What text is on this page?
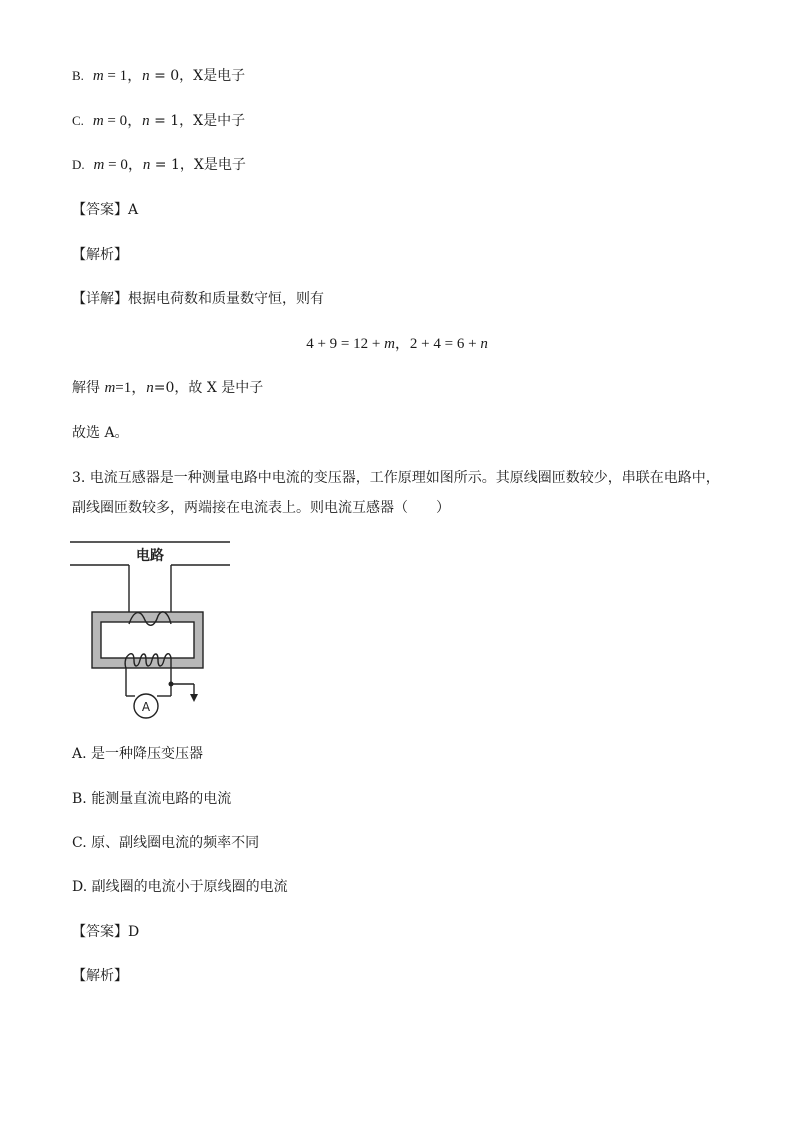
B. m = 1，n = 0，X是电子
C. m = 0，n = 1，X是中子
D. m = 0，n = 1，X是电子
【答案】A
【解析】
【详解】根据电荷数和质量数守恒，则有
4 + 9 = 12 + m，2 + 4 = 6 + n
解得 m=1，n=0，故 X 是中子
故选 A。
3. 电流互感器是一种测量电路中电流的变压器，工作原理如图所示。其原线圈匝数较少，串联在电路中，
副线圈匝数较多，两端接在电流表上。则电流互感器（　　）
A
电路
A. 是一种降压变压器
B. 能测量直流电路的电流
C. 原、副线圈电流的频率不同
D. 副线圈的电流小于原线圈的电流
【答案】D
【解析】
